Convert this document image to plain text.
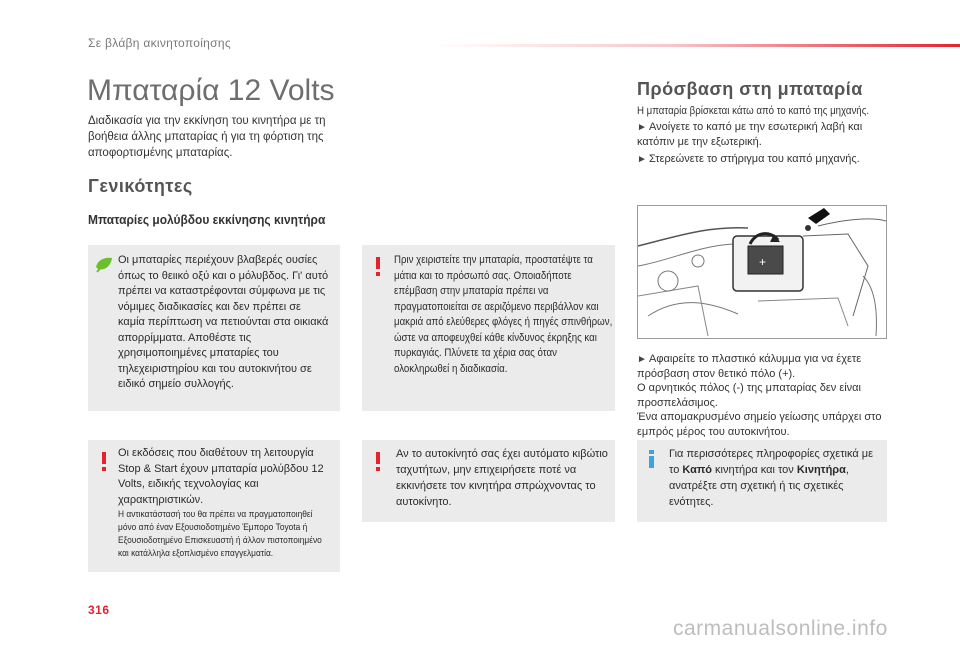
Σε βλάβη ακινητοποίησης
Μπαταρία 12 Volts
Διαδικασία για την εκκίνηση του κινητήρα με τη βοήθεια άλλης μπαταρίας ή για τη φόρτιση της αποφορτισμένης μπαταρίας.
Γενικότητες
Μπαταρίες μολύβδου εκκίνησης κινητήρα
Οι μπαταρίες περιέχουν βλαβερές ουσίες όπως το θειικό οξύ και ο μόλυβδος. Γι' αυτό πρέπει να καταστρέφονται σύμφωνα με τις νόμιμες διαδικασίες και δεν πρέπει σε καμία περίπτωση να πετιούνται στα οικιακά απορρίμματα. Αποθέστε τις χρησιμοποιημένες μπαταρίες του τηλεχειριστηρίου και του αυτοκινήτου σε ειδικό σημείο συλλογής.
Πριν χειριστείτε την μπαταρία, προστατέψτε τα μάτια και το πρόσωπό σας. Οποιαδήποτε επέμβαση στην μπαταρία πρέπει να πραγματοποιείται σε αεριζόμενο περιβάλλον και μακριά από ελεύθερες φλόγες ή πηγές σπινθήρων, ώστε να αποφευχθεί κάθε κίνδυνος έκρηξης και πυρκαγιάς. Πλύνετε τα χέρια σας όταν ολοκληρωθεί η διαδικασία.
Οι εκδόσεις που διαθέτουν τη λειτουργία Stop & Start έχουν μπαταρία μολύβδου 12 Volts, ειδικής τεχνολογίας και χαρακτηριστικών.
Η αντικατάστασή του θα πρέπει να πραγματοποιηθεί μόνο από έναν Εξουσιοδοτημένο Έμπορο Toyota ή Εξουσιοδοτημένο Επισκευαστή ή άλλον πιστοποιημένο και κατάλληλα εξοπλισμένο επαγγελματία.
Αν το αυτοκίνητό σας έχει αυτόματο κιβώτιο ταχυτήτων, μην επιχειρήσετε ποτέ να εκκινήσετε τον κινητήρα σπρώχνοντας το αυτοκίνητο.
Για περισσότερες πληροφορίες σχετικά με το Καπό κινητήρα και τον Κινητήρα, ανατρέξτε στη σχετική ή τις σχετικές ενότητες.
Πρόσβαση στη μπαταρία
Η μπαταρία βρίσκεται κάτω από το καπό της μηχανής.
► Ανοίγετε το καπό με την εσωτερική λαβή και κατόπιν με την εξωτερική.
► Στερεώνετε το στήριγμα του καπό μηχανής.
+
► Αφαιρείτε το πλαστικό κάλυμμα για να έχετε πρόσβαση στον θετικό πόλο (+).
Ο αρνητικός πόλος (-) της μπαταρίας δεν είναι προσπελάσιμος.
Ένα απομακρυσμένο σημείο γείωσης υπάρχει στο εμπρός μέρος του αυτοκινήτου.
316
carmanualsonline.info
